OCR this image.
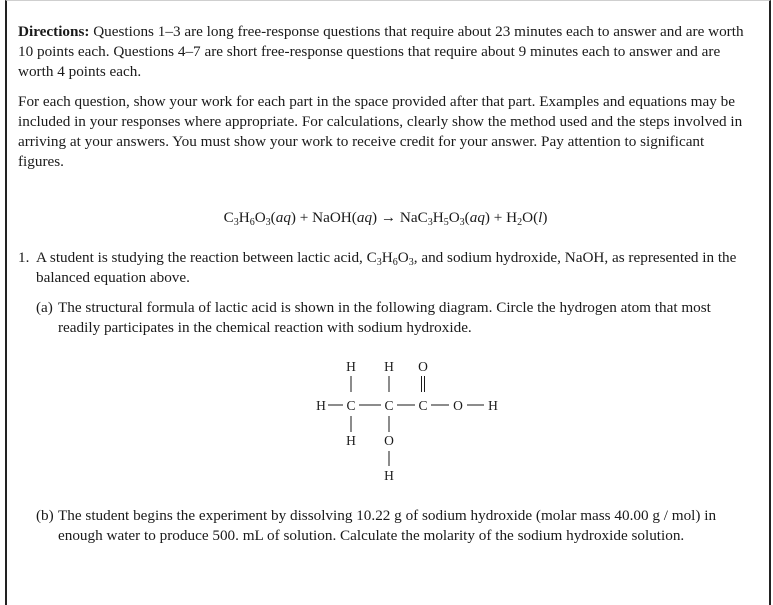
Directions: Questions 1–3 are long free-response questions that require about 23 minutes each to answer and are worth 10 points each. Questions 4–7 are short free-response questions that require about 9 minutes each to answer and are worth 4 points each.

For each question, show your work for each part in the space provided after that part. Examples and equations may be included in your responses where appropriate. For calculations, clearly show the method used and the steps involved in arriving at your answers. You must show your work to receive credit for your answer. Pay attention to significant figures.

$C_3H_6O_3(aq)$ + NaOH(aq) → $NaC_3H_5O_3(aq) + H_2O(l)$
1. A student is studying the reaction between lactic acid, $C_3H_6O_3$, and sodium hydroxide, NaOH, as represented in the balanced equation above.
(a) The structural formula of lactic acid is shown in the following diagram. Circle the hydrogen atom that most readily participates in the chemical reaction with sodium hydroxide.
H H O
H C C C O H
H O
H
(b) The student begins the experiment by dissolving 10.22 g of sodium hydroxide (molar mass 40.00 g / mol) in enough water to produce 500. mL of solution. Calculate the molarity of the sodium hydroxide solution.
